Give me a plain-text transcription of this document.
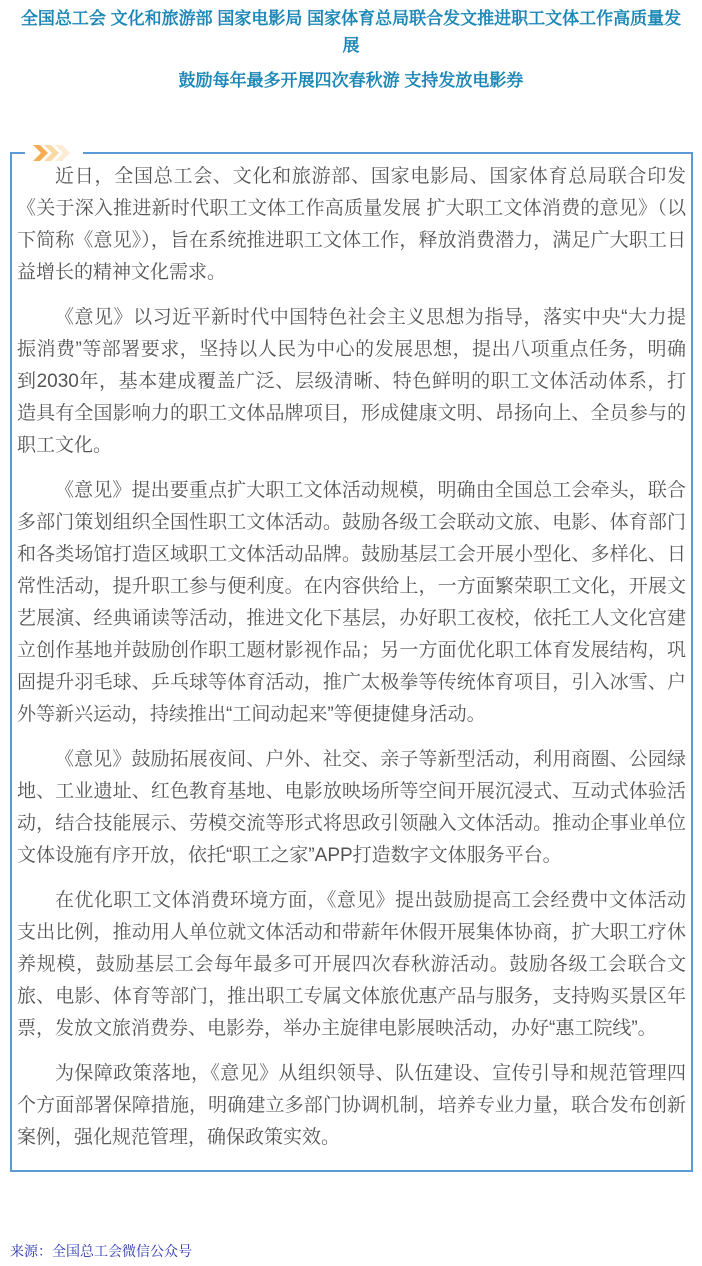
全国总工会 文化和旅游部 国家电影局 国家体育总局联合发文推进职工文体工作高质量发展
鼓励每年最多开展四次春秋游 支持发放电影券

近日，全国总工会、文化和旅游部、国家电影局、国家体育总局联合印发《关于深入推进新时代职工文体工作高质量发展 扩大职工文体消费的意见》（以下简称《意见》），旨在系统推进职工文体工作，释放消费潜力，满足广大职工日益增长的精神文化需求。

《意见》以习近平新时代中国特色社会主义思想为指导，落实中央“大力提振消费”等部署要求，坚持以人民为中心的发展思想，提出八项重点任务，明确到2030年，基本建成覆盖广泛、层级清晰、特色鲜明的职工文体活动体系，打造具有全国影响力的职工文体品牌项目，形成健康文明、昂扬向上、全员参与的职工文化。

《意见》提出要重点扩大职工文体活动规模，明确由全国总工会牵头，联合多部门策划组织全国性职工文体活动。鼓励各级工会联动文旅、电影、体育部门和各类场馆打造区域职工文体活动品牌。鼓励基层工会开展小型化、多样化、日常性活动，提升职工参与便利度。在内容供给上，一方面繁荣职工文化，开展文艺展演、经典诵读等活动，推进文化下基层，办好职工夜校，依托工人文化宫建立创作基地并鼓励创作职工题材影视作品；另一方面优化职工体育发展结构，巩固提升羽毛球、乒乓球等体育活动，推广太极拳等传统体育项目，引入冰雪、户外等新兴运动，持续推出“工间动起来”等便捷健身活动。

《意见》鼓励拓展夜间、户外、社交、亲子等新型活动，利用商圈、公园绿地、工业遗址、红色教育基地、电影放映场所等空间开展沉浸式、互动式体验活动，结合技能展示、劳模交流等形式将思政引领融入文体活动。推动企事业单位文体设施有序开放，依托“职工之家”APP打造数字文体服务平台。

在优化职工文体消费环境方面，《意见》提出鼓励提高工会经费中文体活动支出比例，推动用人单位就文体活动和带薪年休假开展集体协商，扩大职工疗休养规模，鼓励基层工会每年最多可开展四次春秋游活动。鼓励各级工会联合文旅、电影、体育等部门，推出职工专属文体旅优惠产品与服务，支持购买景区年票，发放文旅消费券、电影券，举办主旋律电影展映活动，办好“惠工院线”。

为保障政策落地，《意见》从组织领导、队伍建设、宣传引导和规范管理四个方面部署保障措施，明确建立多部门协调机制，培养专业力量，联合发布创新案例，强化规范管理，确保政策实效。

来源：全国总工会微信公众号
